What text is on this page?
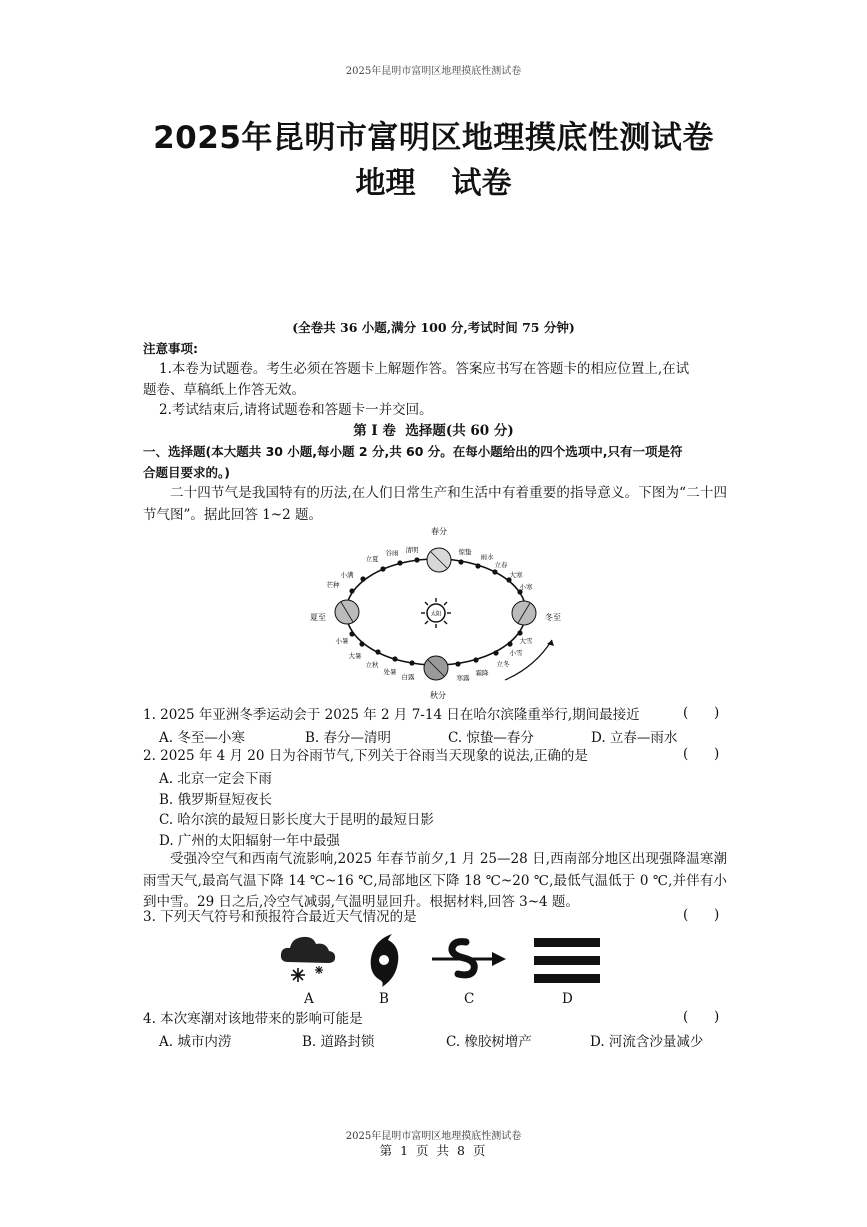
2025年昆明市富明区地理摸底性测试卷
2025年昆明市富明区地理摸底性测试卷
地理 试卷
(全卷共 36 小题,满分 100 分,考试时间 75 分钟)
注意事项:
1.本卷为试题卷。考生必须在答题卡上解题作答。答案应书写在答题卡的相应位置上,在试
题卷、草稿纸上作答无效。
2.考试结束后,请将试题卷和答题卡一并交回。
第 Ⅰ 卷  选择题(共 60 分)
一、选择题(本大题共 30 小题,每小题 2 分,共 60 分。在每小题给出的四个选项中,只有一项是符
合题目要求的。)
二十四节气是我国特有的历法,在人们日常生产和生活中有着重要的指导意义。下图为“二十四节气图”。据此回答 1~2 题。
太阳
春分
秋分
夏至	冬至
立夏
谷雨 清明	惊蛰
雨水
立春
大寒
小寒
大雪
小雪
立冬
霜降
寒露
白露
处暑
立秋
小满
芒种
小暑
大暑
1. 2025 年亚洲冬季运动会于 2025 年 2 月 7-14 日在哈尔滨隆重举行,期间最接近	(      )
A. 冬至—小寒	B. 春分—清明	C. 惊蛰—春分	D. 立春—雨水
2. 2025 年 4 月 20 日为谷雨节气,下列关于谷雨当天现象的说法,正确的是	(      )
A. 北京一定会下雨
B. 俄罗斯昼短夜长
C. 哈尔滨的最短日影长度大于昆明的最短日影
D. 广州的太阳辐射一年中最强
受强冷空气和西南气流影响,2025 年春节前夕,1 月 25—28 日,西南部分地区出现强降温寒潮雨雪天气,最高气温下降 14 ℃~16 ℃,局部地区下降 18 ℃~20 ℃,最低气温低于 0 ℃,并伴有小到中雪。29 日之后,冷空气减弱,气温明显回升。根据材料,回答 3~4 题。
3. 下列天气符号和预报符合最近天气情况的是	(      )
A	B	C	D
4. 本次寒潮对该地带来的影响可能是	(      )
A. 城市内涝	B. 道路封锁	C. 橡胶树增产	D. 河流含沙量减少
2025年昆明市富明区地理摸底性测试卷
第 1 页 共 8 页
